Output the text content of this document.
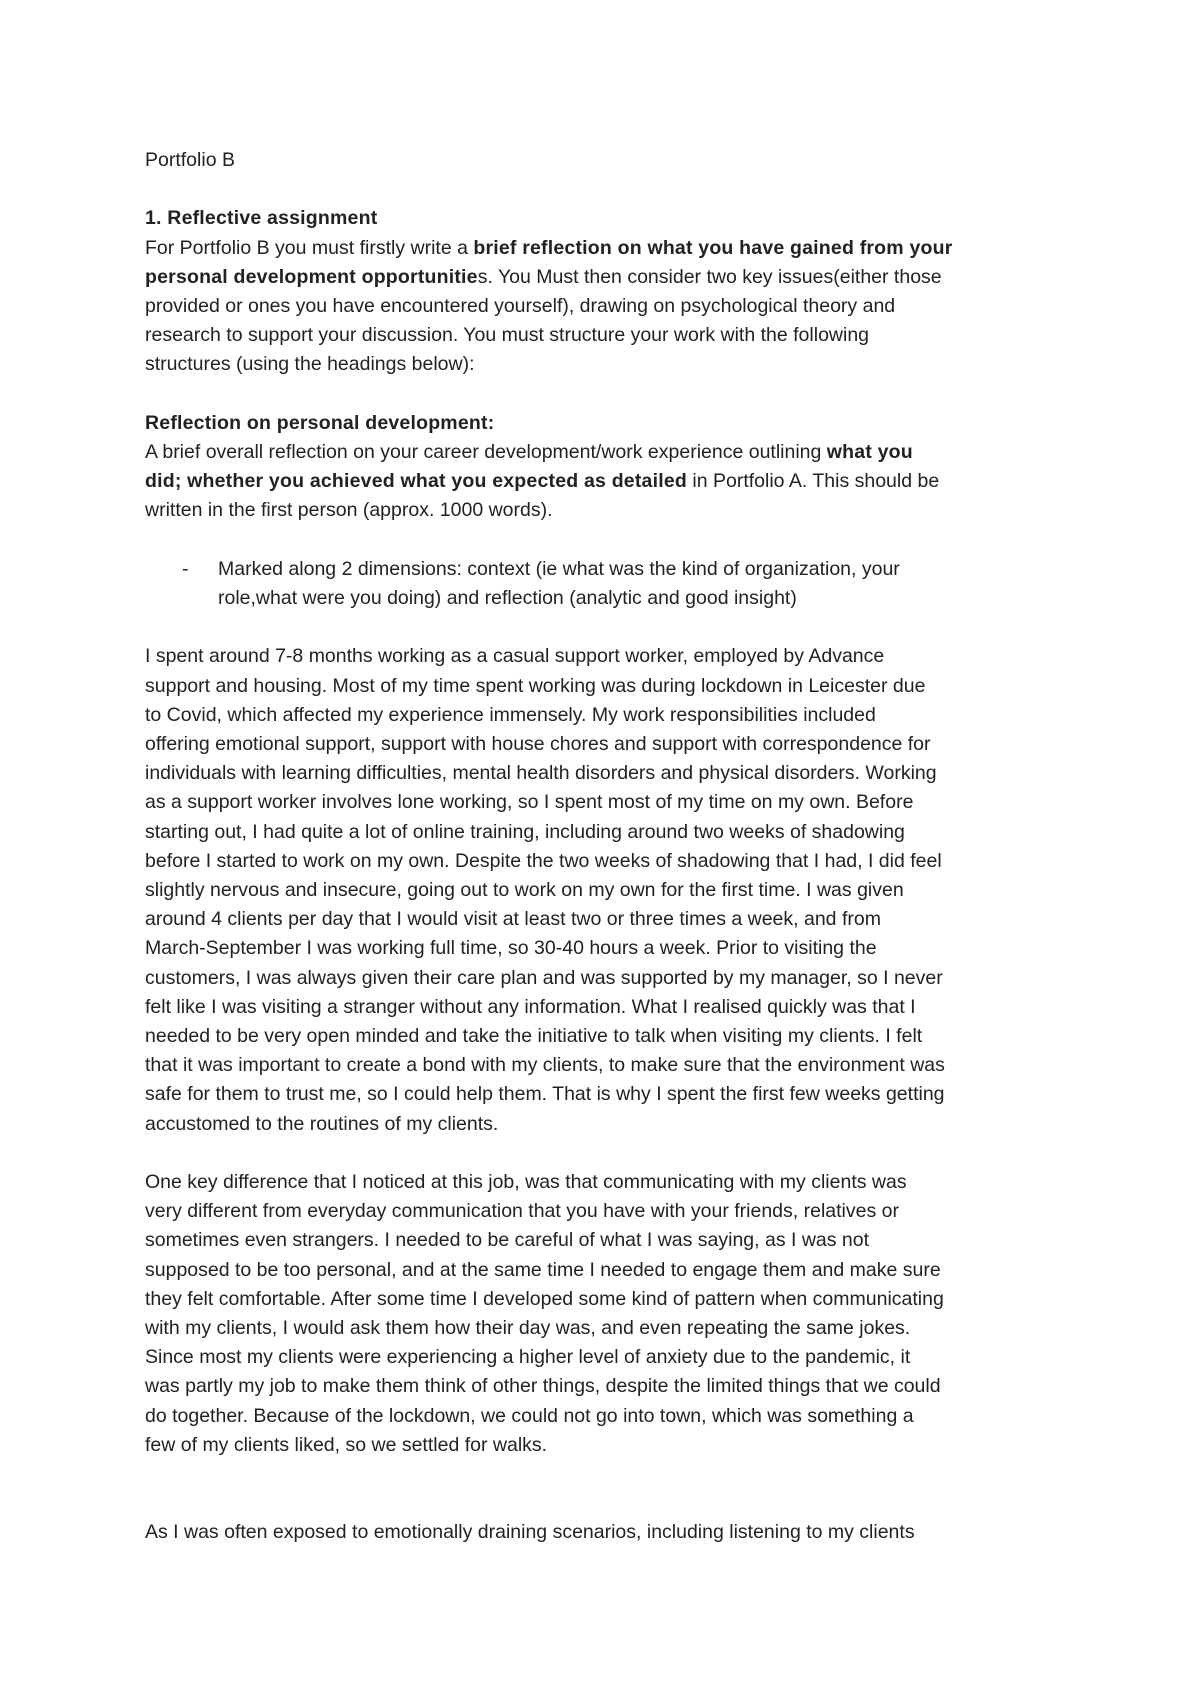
Portfolio B
1. Reflective assignment
For Portfolio B you must firstly write a brief reflection on what you have gained from your
personal development opportunities. You Must then consider two key issues(either those
provided or ones you have encountered yourself), drawing on psychological theory and
research to support your discussion. You must structure your work with the following
structures (using the headings below):
Reflection on personal development:
A brief overall reflection on your career development/work experience outlining what you
did; whether you achieved what you expected as detailed in Portfolio A. This should be
written in the first person (approx. 1000 words).
-	Marked along 2 dimensions: context (ie what was the kind of organization, your
role,what were you doing) and reflection (analytic and good insight)
I spent around 7-8 months working as a casual support worker, employed by Advance
support and housing. Most of my time spent working was during lockdown in Leicester due
to Covid, which affected my experience immensely. My work responsibilities included
offering emotional support, support with house chores and support with correspondence for
individuals with learning difficulties, mental health disorders and physical disorders. Working
as a support worker involves lone working, so I spent most of my time on my own. Before
starting out, I had quite a lot of online training, including around two weeks of shadowing
before I started to work on my own. Despite the two weeks of shadowing that I had, I did feel
slightly nervous and insecure, going out to work on my own for the first time. I was given
around 4 clients per day that I would visit at least two or three times a week, and from
March-September I was working full time, so 30-40 hours a week. Prior to visiting the
customers, I was always given their care plan and was supported by my manager, so I never
felt like I was visiting a stranger without any information. What I realised quickly was that I
needed to be very open minded and take the initiative to talk when visiting my clients. I felt
that it was important to create a bond with my clients, to make sure that the environment was
safe for them to trust me, so I could help them. That is why I spent the first few weeks getting
accustomed to the routines of my clients.
One key difference that I noticed at this job, was that communicating with my clients was
very different from everyday communication that you have with your friends, relatives or
sometimes even strangers. I needed to be careful of what I was saying, as I was not
supposed to be too personal, and at the same time I needed to engage them and make sure
they felt comfortable. After some time I developed some kind of pattern when communicating
with my clients, I would ask them how their day was, and even repeating the same jokes.
Since most my clients were experiencing a higher level of anxiety due to the pandemic, it
was partly my job to make them think of other things, despite the limited things that we could
do together. Because of the lockdown, we could not go into town, which was something a
few of my clients liked, so we settled for walks.
As I was often exposed to emotionally draining scenarios, including listening to my clients
